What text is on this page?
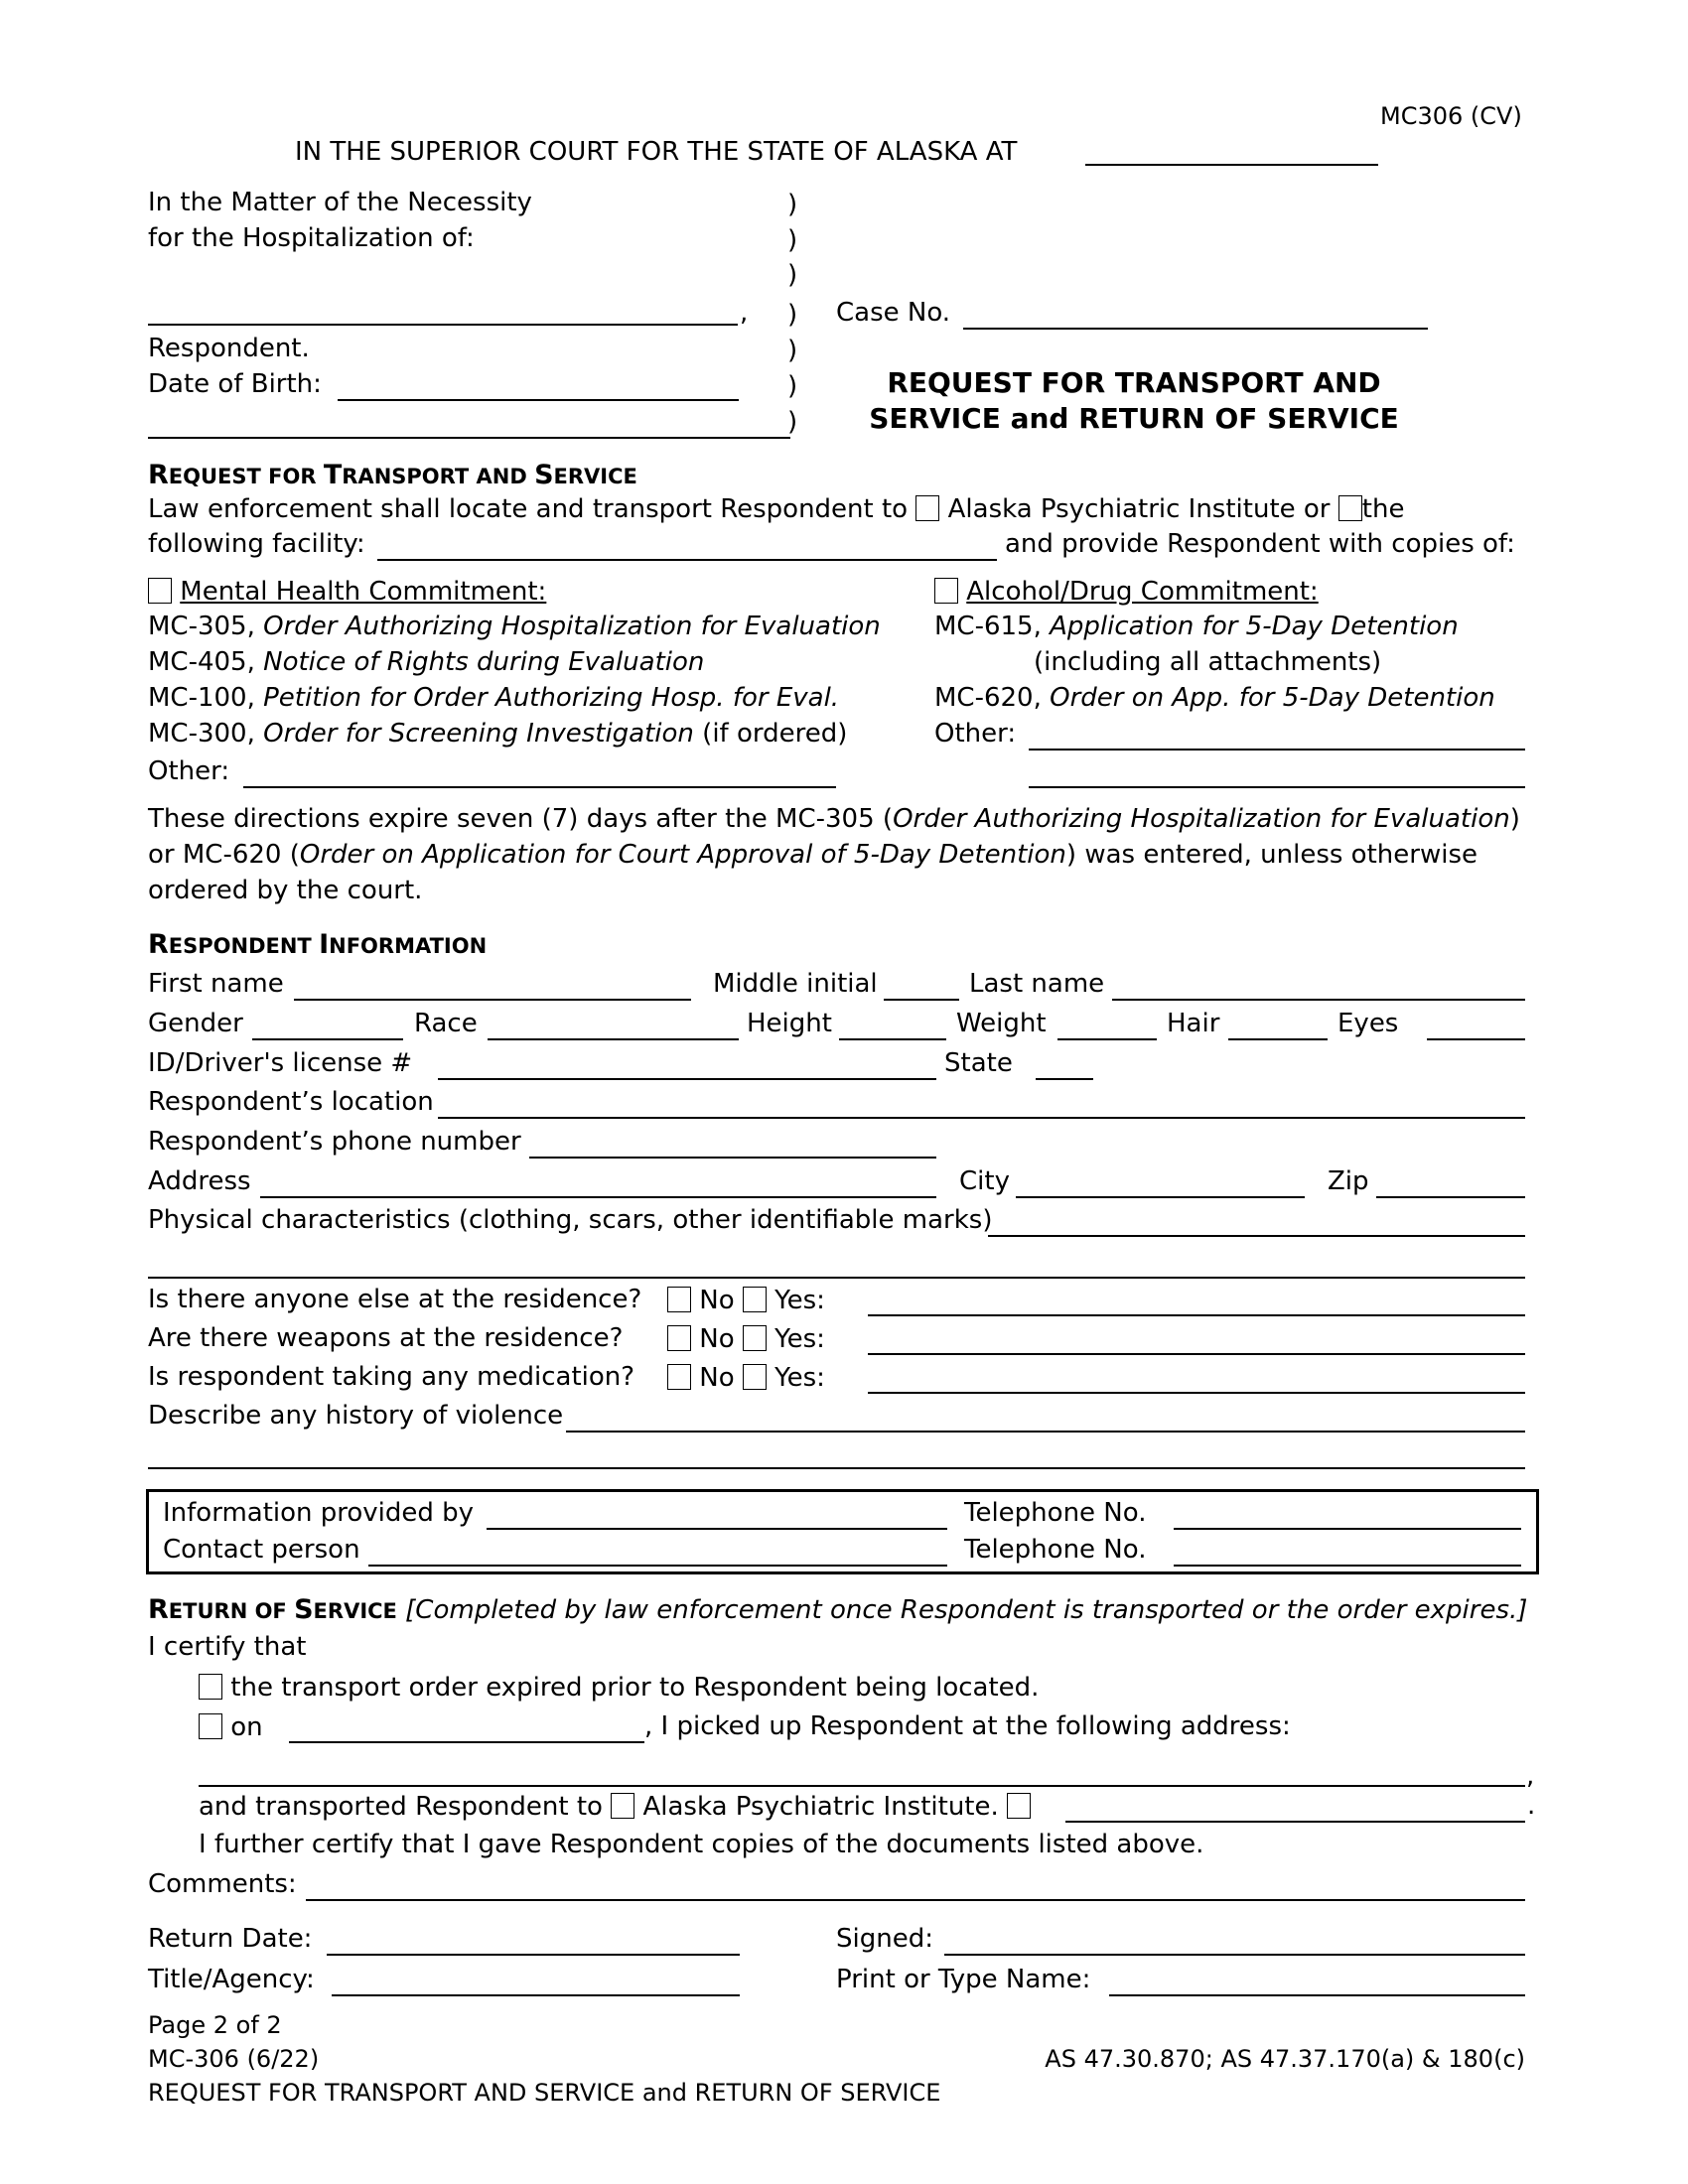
MC306 (CV)
IN THE SUPERIOR COURT FOR THE STATE OF ALASKA AT
In the Matter of the Necessity
for the Hospitalization of:
,
Respondent.
Date of Birth:
)
)
)
)
)
)
)
Case No.
REQUEST FOR TRANSPORT AND
SERVICE and RETURN OF SERVICE
REQUEST FOR TRANSPORT AND SERVICE
Law enforcement shall locate and transport Respondent to Alaska Psychiatric Institute or the
following facility:	and provide Respondent with copies of:
Mental Health Commitment:
MC-305, Order Authorizing Hospitalization for Evaluation
MC-405, Notice of Rights during Evaluation
MC-100, Petition for Order Authorizing Hosp. for Eval.
MC-300, Order for Screening Investigation (if ordered)
Other:
Alcohol/Drug Commitment:
MC-615, Application for 5-Day Detention
(including all attachments)
MC-620, Order on App. for 5-Day Detention
Other:
These directions expire seven (7) days after the MC-305 (Order Authorizing Hospitalization for Evaluation)
or MC-620 (Order on Application for Court Approval of 5-Day Detention) was entered, unless otherwise
ordered by the court.
RESPONDENT INFORMATION
First name	Middle initial	Last name
Gender	Race	Height	Weight	Hair	Eyes
ID/Driver's license #	State
Respondent’s location
Respondent’s phone number
Address	City	Zip
Physical characteristics (clothing, scars, other identifiable marks)
Is there anyone else at the residence?	No Yes:
Are there weapons at the residence?	No Yes:
Is respondent taking any medication?	No Yes:
Describe any history of violence
Information provided by	Telephone No.
Contact person	Telephone No.
RETURN OF SERVICE [Completed by law enforcement once Respondent is transported or the order expires.]
I certify that
the transport order expired prior to Respondent being located.
on	, I picked up Respondent at the following address:
,
and transported Respondent to Alaska Psychiatric Institute.	.
I further certify that I gave Respondent copies of the documents listed above.
Comments:
Return Date:	Signed:
Title/Agency:	Print or Type Name:
Page 2 of 2
MC-306 (6/22)	AS 47.30.870; AS 47.37.170(a) & 180(c)
REQUEST FOR TRANSPORT AND SERVICE and RETURN OF SERVICE
